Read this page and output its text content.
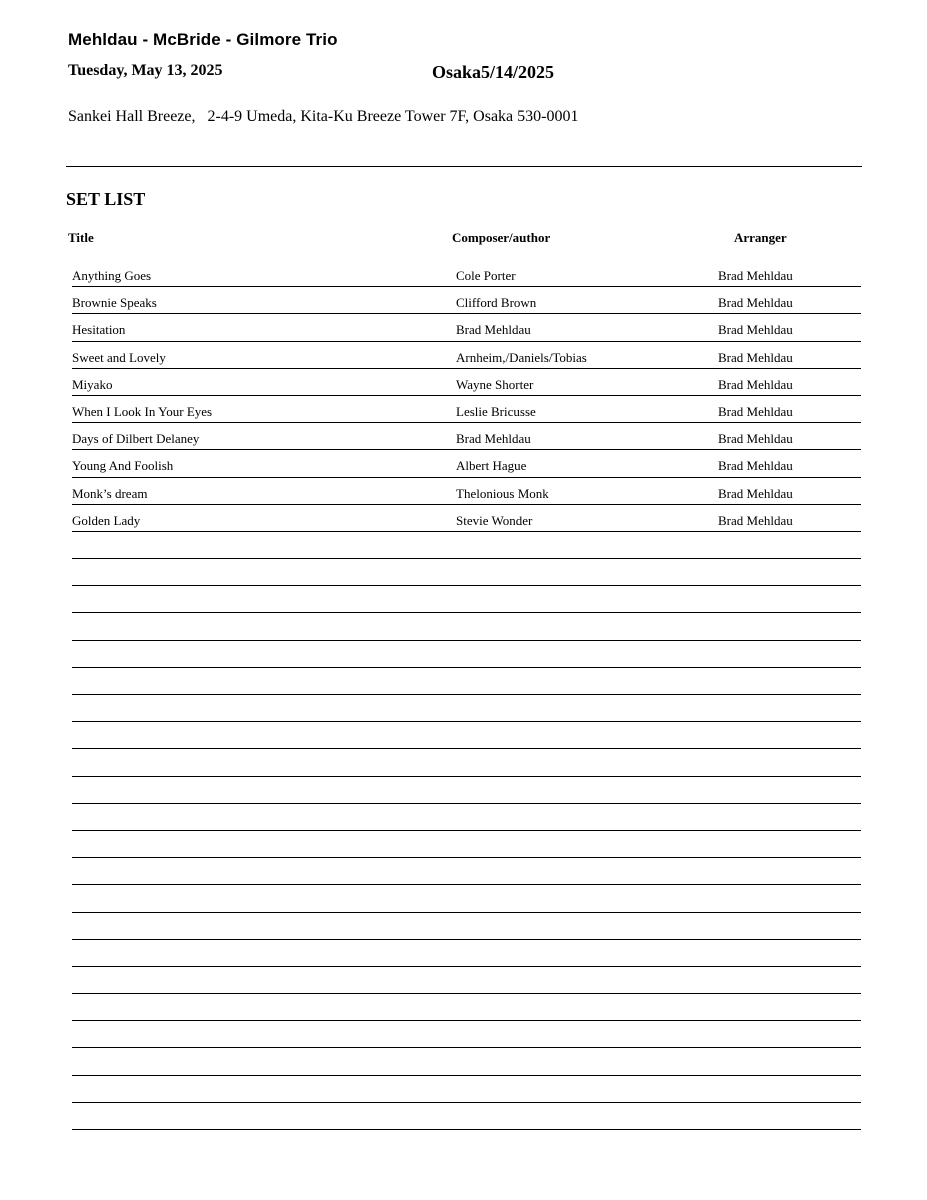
Mehldau - McBride - Gilmore Trio
Tuesday, May 13, 2025	Osaka5/14/2025
Sankei Hall Breeze,   2-4-9 Umeda, Kita-Ku Breeze Tower 7F, Osaka 530-0001
SET LIST
Title	Composer/author	Arranger
Anything Goes	Cole Porter	Brad Mehldau
Brownie Speaks	Clifford Brown	Brad Mehldau
Hesitation	Brad Mehldau	Brad Mehldau
Sweet and Lovely	Arnheim,/Daniels/Tobias	Brad Mehldau
Miyako	Wayne Shorter	Brad Mehldau
When I Look In Your Eyes	Leslie Bricusse	Brad Mehldau
Days of Dilbert Delaney	Brad Mehldau	Brad Mehldau
Young And Foolish	Albert Hague	Brad Mehldau
Monk’s dream	Thelonious Monk	Brad Mehldau
Golden Lady	Stevie Wonder	Brad Mehldau
